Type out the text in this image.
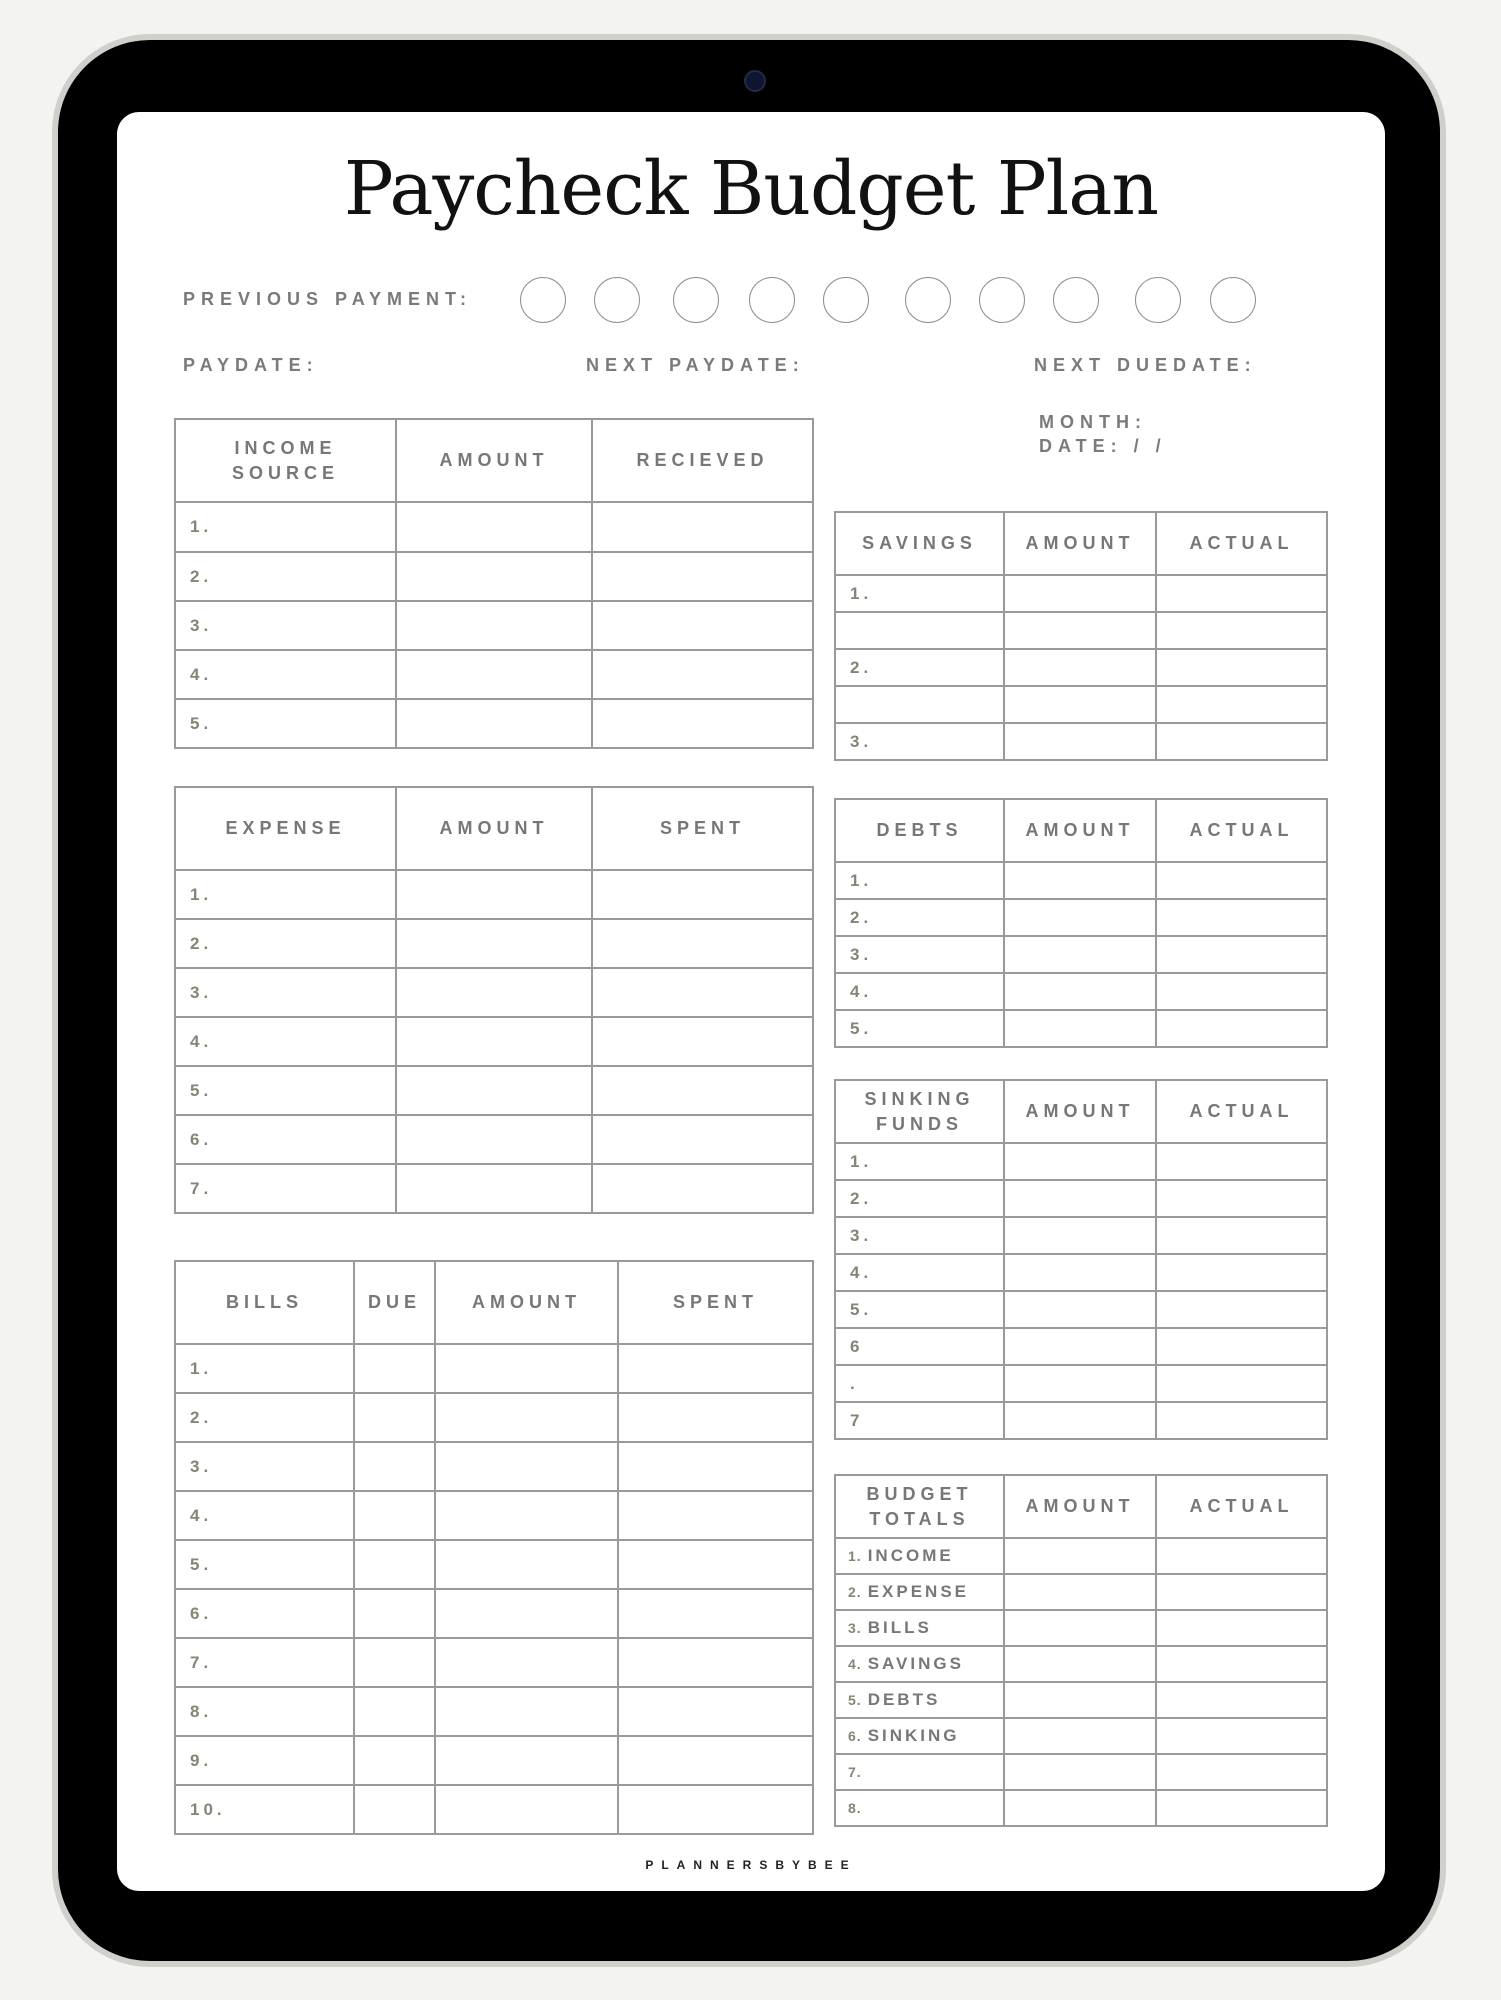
Paycheck Budget Plan
PREVIOUS PAYMENT:
PAYDATE:	NEXT PAYDATE:	NEXT DUEDATE:
MONTH:
DATE: / /
INCOME SOURCE	AMOUNT	RECIEVED
1.		
2.		
3.		
4.		
5.		
EXPENSE	AMOUNT	SPENT
1.		
2.		
3.		
4.		
5.		
6.		
7.		
BILLS	DUE	AMOUNT	SPENT
1.			
2.			
3.			
4.			
5.			
6.			
7.			
8.			
9.			
10.			
SAVINGS	AMOUNT	ACTUAL
1.		

2.		

3.		
DEBTS	AMOUNT	ACTUAL
1.		
2.		
3.		
4.		
5.		
SINKING FUNDS	AMOUNT	ACTUAL
1.		
2.		
3.		
4.		
5.		
6		
.		
7		
BUDGET TOTALS	AMOUNT	ACTUAL
1. INCOME		
2. EXPENSE		
3. BILLS		
4. SAVINGS		
5. DEBTS		
6. SINKING		
7.		
8.		
PLANNERSBYBEE
